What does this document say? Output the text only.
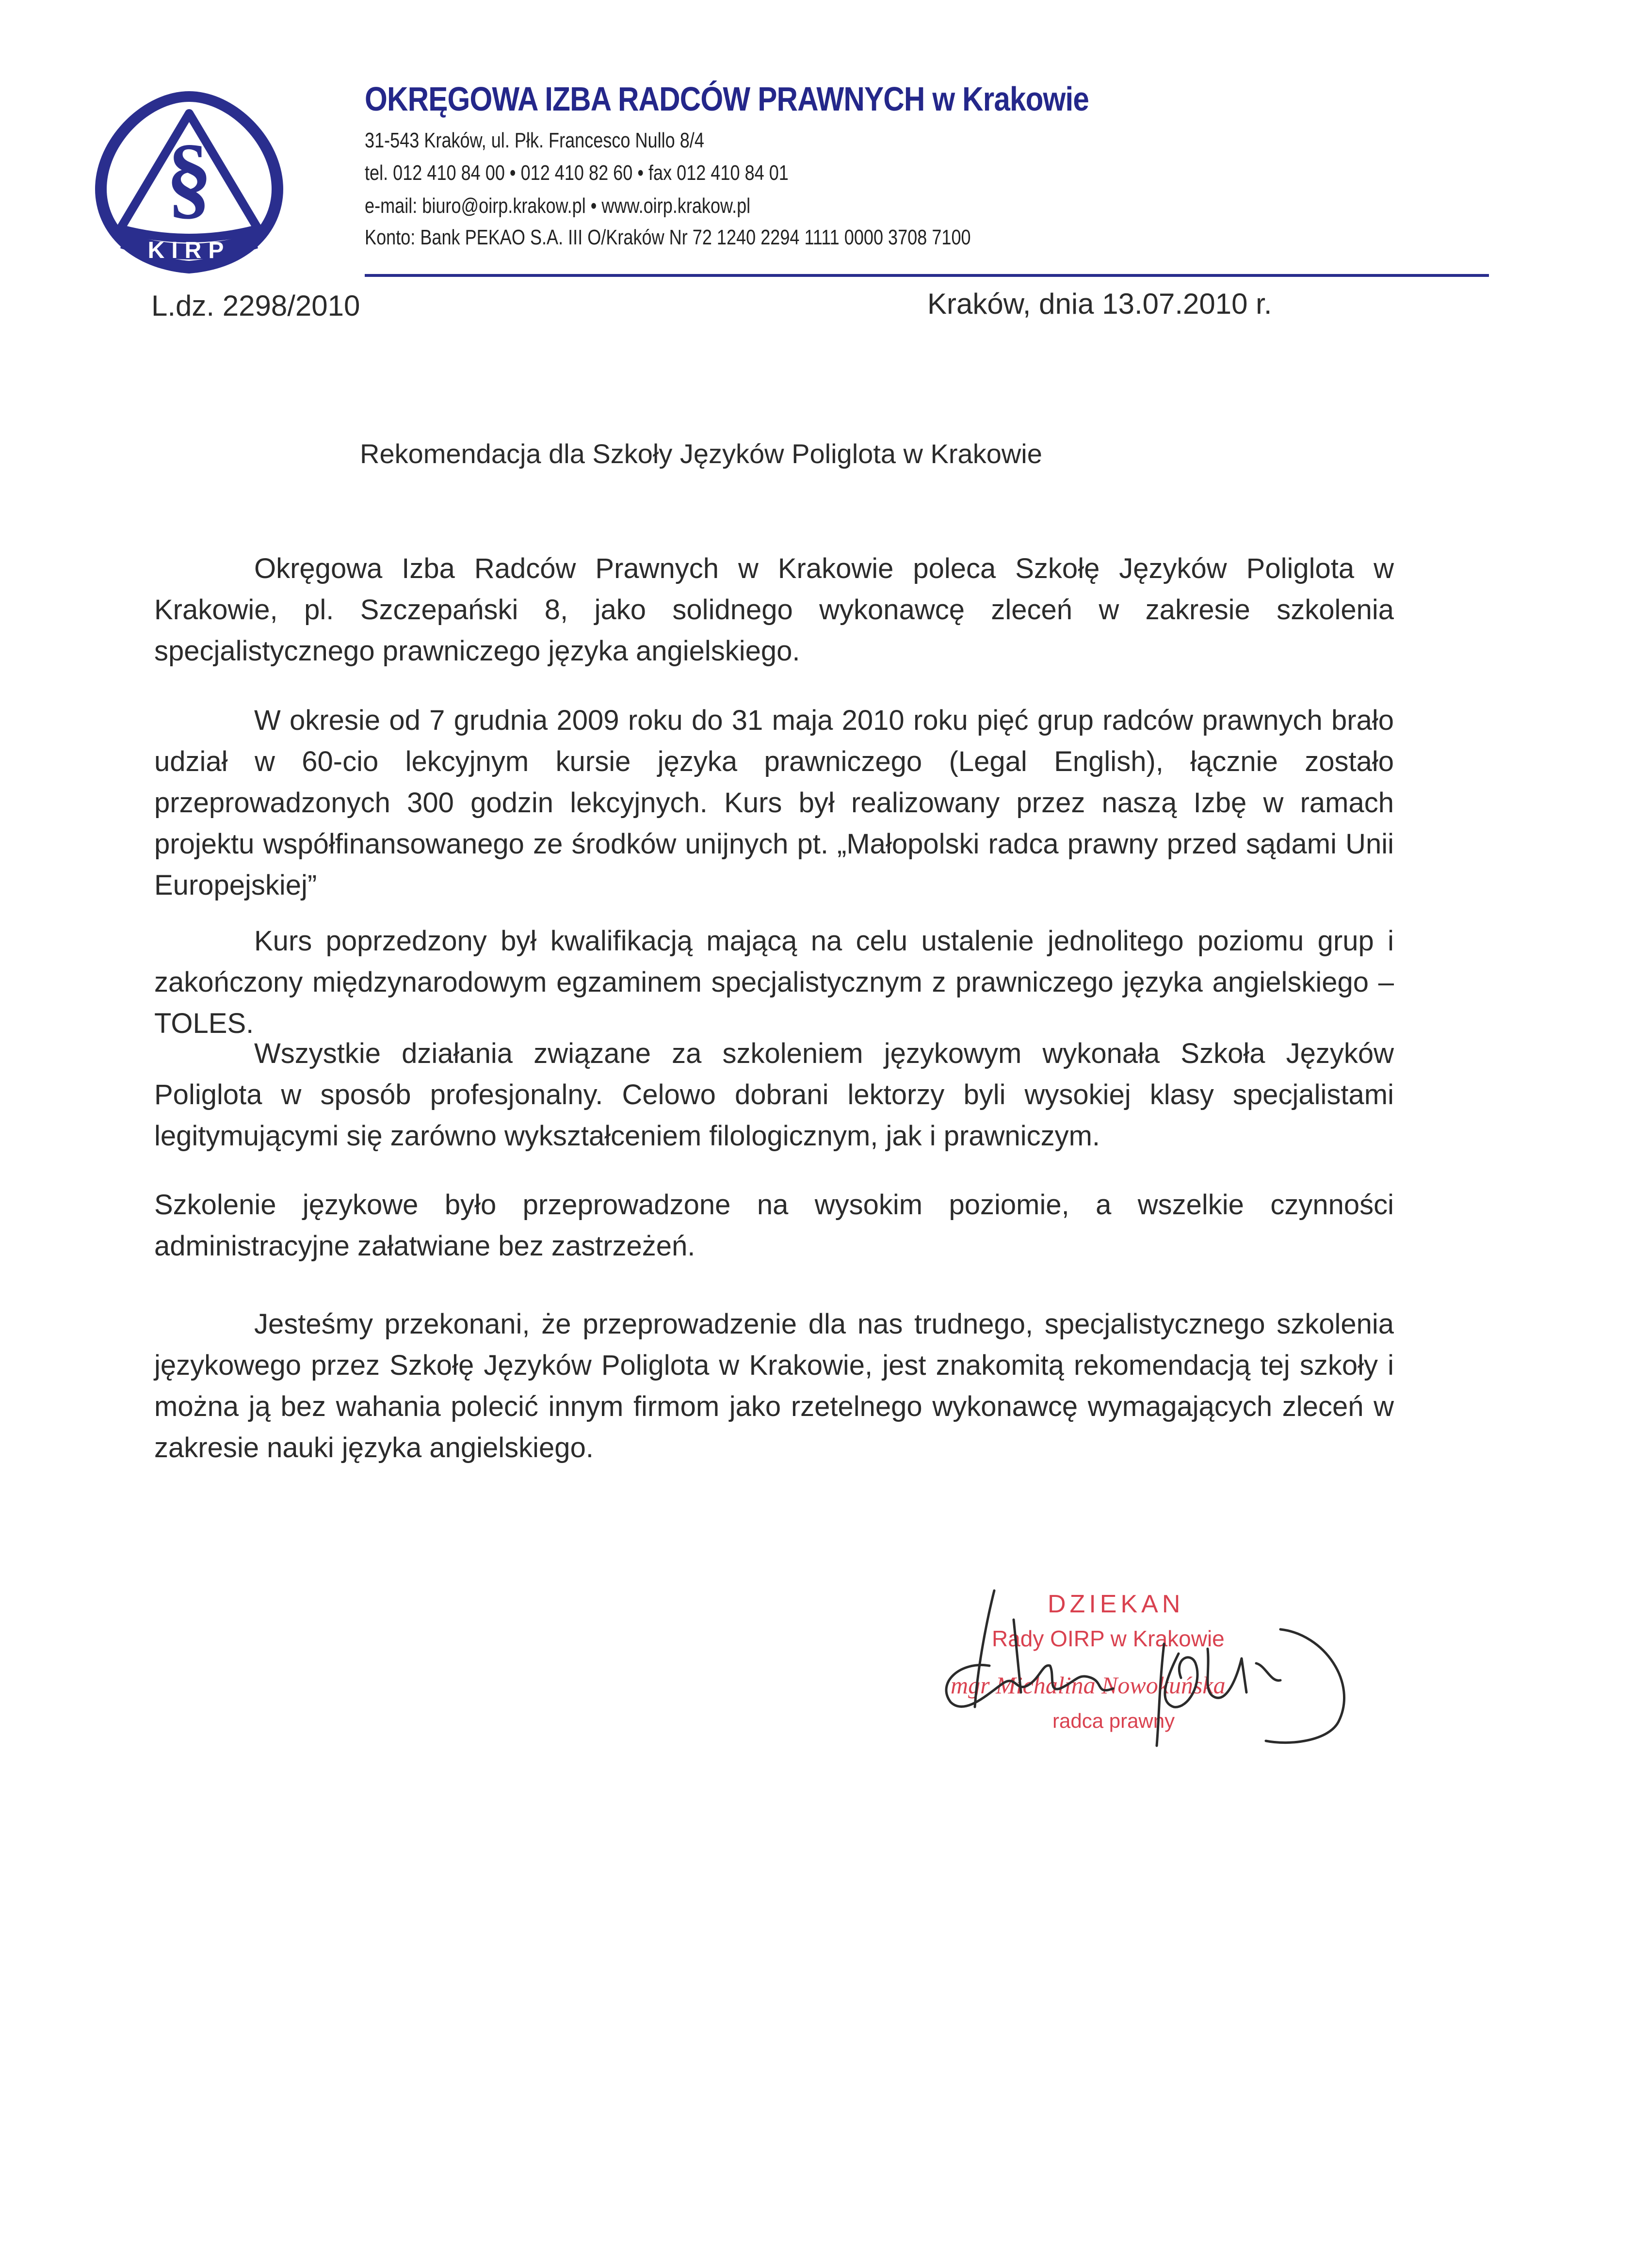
§
KIRP
OKRĘGOWA IZBA RADCÓW PRAWNYCH w Krakowie
31-543 Kraków, ul. Płk. Francesco Nullo 8/4
tel. 012 410 84 00 • 012 410 82 60 • fax 012 410 84 01
e-mail: biuro@oirp.krakow.pl • www.oirp.krakow.pl
Konto: Bank PEKAO S.A. III O/Kraków Nr 72 1240 2294 1111 0000 3708 7100
L.dz. 2298/2010	Kraków, dnia 13.07.2010 r.
Rekomendacja dla Szkoły Języków Poliglota w Krakowie

Okręgowa Izba Radców Prawnych w Krakowie poleca Szkołę Języków Poliglota w Krakowie, pl. Szczepański 8, jako solidnego wykonawcę zleceń w zakresie szkolenia specjalistycznego prawniczego języka angielskiego.

W okresie od 7 grudnia 2009 roku do 31 maja 2010 roku pięć grup radców prawnych brało udział w 60-cio lekcyjnym kursie języka prawniczego (Legal English), łącznie zostało przeprowadzonych 300 godzin lekcyjnych. Kurs był realizowany przez naszą Izbę w ramach projektu współfinansowanego ze środków unijnych pt. „Małopolski radca prawny przed sądami Unii Europejskiej”

Kurs poprzedzony był kwalifikacją mającą na celu ustalenie jednolitego poziomu grup i zakończony międzynarodowym egzaminem specjalistycznym z prawniczego języka angielskiego – TOLES.

Wszystkie działania związane za szkoleniem językowym wykonała Szkoła Języków Poliglota w sposób profesjonalny. Celowo dobrani lektorzy byli wysokiej klasy specjalistami legitymującymi się zarówno wykształceniem filologicznym, jak i prawniczym.

Szkolenie językowe było przeprowadzone na wysokim poziomie, a wszelkie czynności administracyjne załatwiane bez zastrzeżeń.

Jesteśmy przekonani, że przeprowadzenie dla nas trudnego, specjalistycznego szkolenia językowego przez Szkołę Języków Poliglota w Krakowie, jest znakomitą rekomendacją tej szkoły i można ją bez wahania polecić innym firmom jako rzetelnego wykonawcę wymagających zleceń w zakresie nauki języka angielskiego.

DZIEKAN
Rady OIRP w Krakowie
mgr Michalina Nowokuńska
radca prawny
